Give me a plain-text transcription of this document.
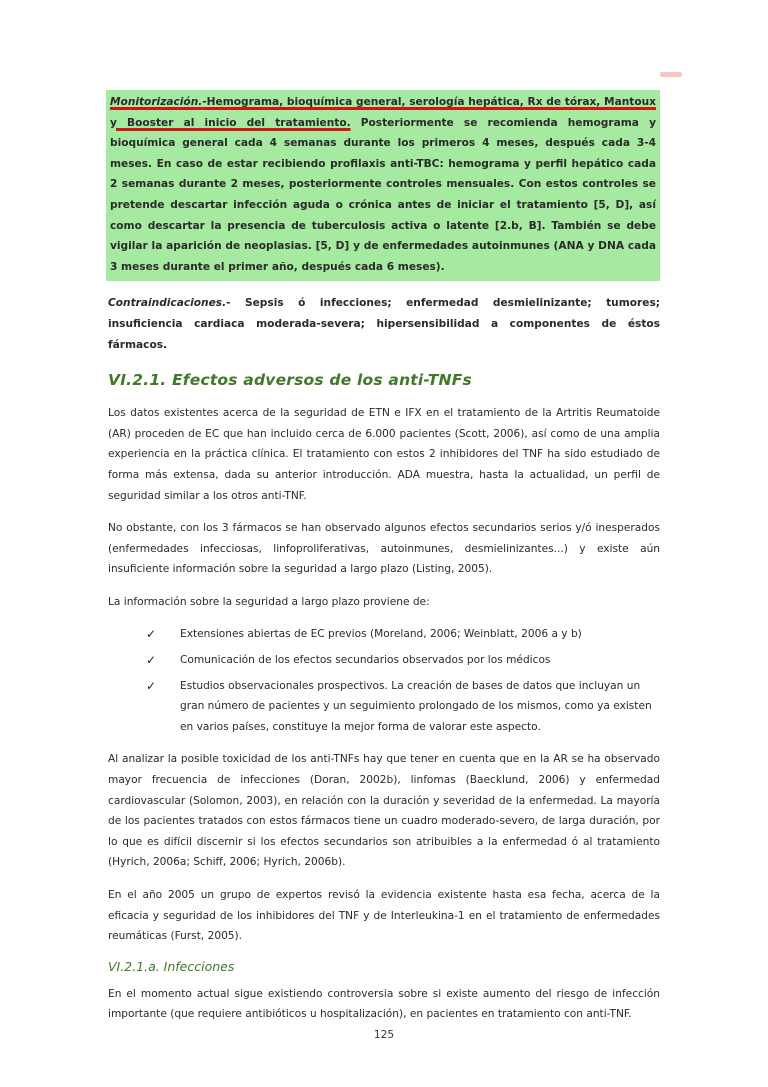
Monitorización.-Hemograma, bioquímica general, serología hepática, Rx de tórax, Mantoux y Booster al inicio del tratamiento. Posteriormente se recomienda hemograma y bioquímica general cada 4 semanas durante los primeros 4 meses, después cada 3-4 meses. En caso de estar recibiendo profilaxis anti-TBC: hemograma y perfil hepático cada 2 semanas durante 2 meses, posteriormente controles mensuales. Con estos controles se pretende descartar infección aguda o crónica antes de iniciar el tratamiento [5, D], así como descartar la presencia de tuberculosis activa o latente [2.b, B]. También se debe vigilar la aparición de neoplasias. [5, D] y de enfermedades autoinmunes (ANA y DNA cada 3 meses durante el primer año, después cada 6 meses).

Contraindicaciones.- Sepsis ó infecciones; enfermedad desmielinizante; tumores; insuficiencia cardiaca moderada-severa; hipersensibilidad a componentes de éstos fármacos.

VI.2.1. Efectos adversos de los anti-TNFs

Los datos existentes acerca de la seguridad de ETN e IFX en el tratamiento de la Artritis Reumatoide (AR) proceden de EC que han incluido cerca de 6.000 pacientes (Scott, 2006), así como de una amplia experiencia en la práctica clínica. El tratamiento con estos 2 inhibidores del TNF ha sido estudiado de forma más extensa, dada su anterior introducción. ADA muestra, hasta la actualidad, un perfil de seguridad similar a los otros anti-TNF.

No obstante, con los 3 fármacos se han observado algunos efectos secundarios serios y/ó inesperados (enfermedades infecciosas, linfoproliferativas, autoinmunes, desmielinizantes...) y existe aún insuficiente información sobre la seguridad a largo plazo (Listing, 2005).

La información sobre la seguridad a largo plazo proviene de:

✓ Extensiones abiertas de EC previos (Moreland, 2006; Weinblatt, 2006 a y b)
✓ Comunicación de los efectos secundarios observados por los médicos
✓ Estudios observacionales prospectivos. La creación de bases de datos que incluyan un gran número de pacientes y un seguimiento prolongado de los mismos, como ya existen en varios países, constituye la mejor forma de valorar este aspecto.

Al analizar la posible toxicidad de los anti-TNFs hay que tener en cuenta que en la AR se ha observado mayor frecuencia de infecciones (Doran, 2002b), linfomas (Baecklund, 2006) y enfermedad cardiovascular (Solomon, 2003), en relación con la duración y severidad de la enfermedad. La mayoría de los pacientes tratados con estos fármacos tiene un cuadro moderado-severo, de larga duración, por lo que es difícil discernir si los efectos secundarios son atribuibles a la enfermedad ó al tratamiento (Hyrich, 2006a; Schiff, 2006; Hyrich, 2006b).

En el año 2005 un grupo de expertos revisó la evidencia existente hasta esa fecha, acerca de la eficacia y seguridad de los inhibidores del TNF y de Interleukina-1 en el tratamiento de enfermedades reumáticas (Furst, 2005).

VI.2.1.a. Infecciones

En el momento actual sigue existiendo controversia sobre si existe aumento del riesgo de infección importante (que requiere antibióticos u hospitalización), en pacientes en tratamiento con anti-TNF.

125
